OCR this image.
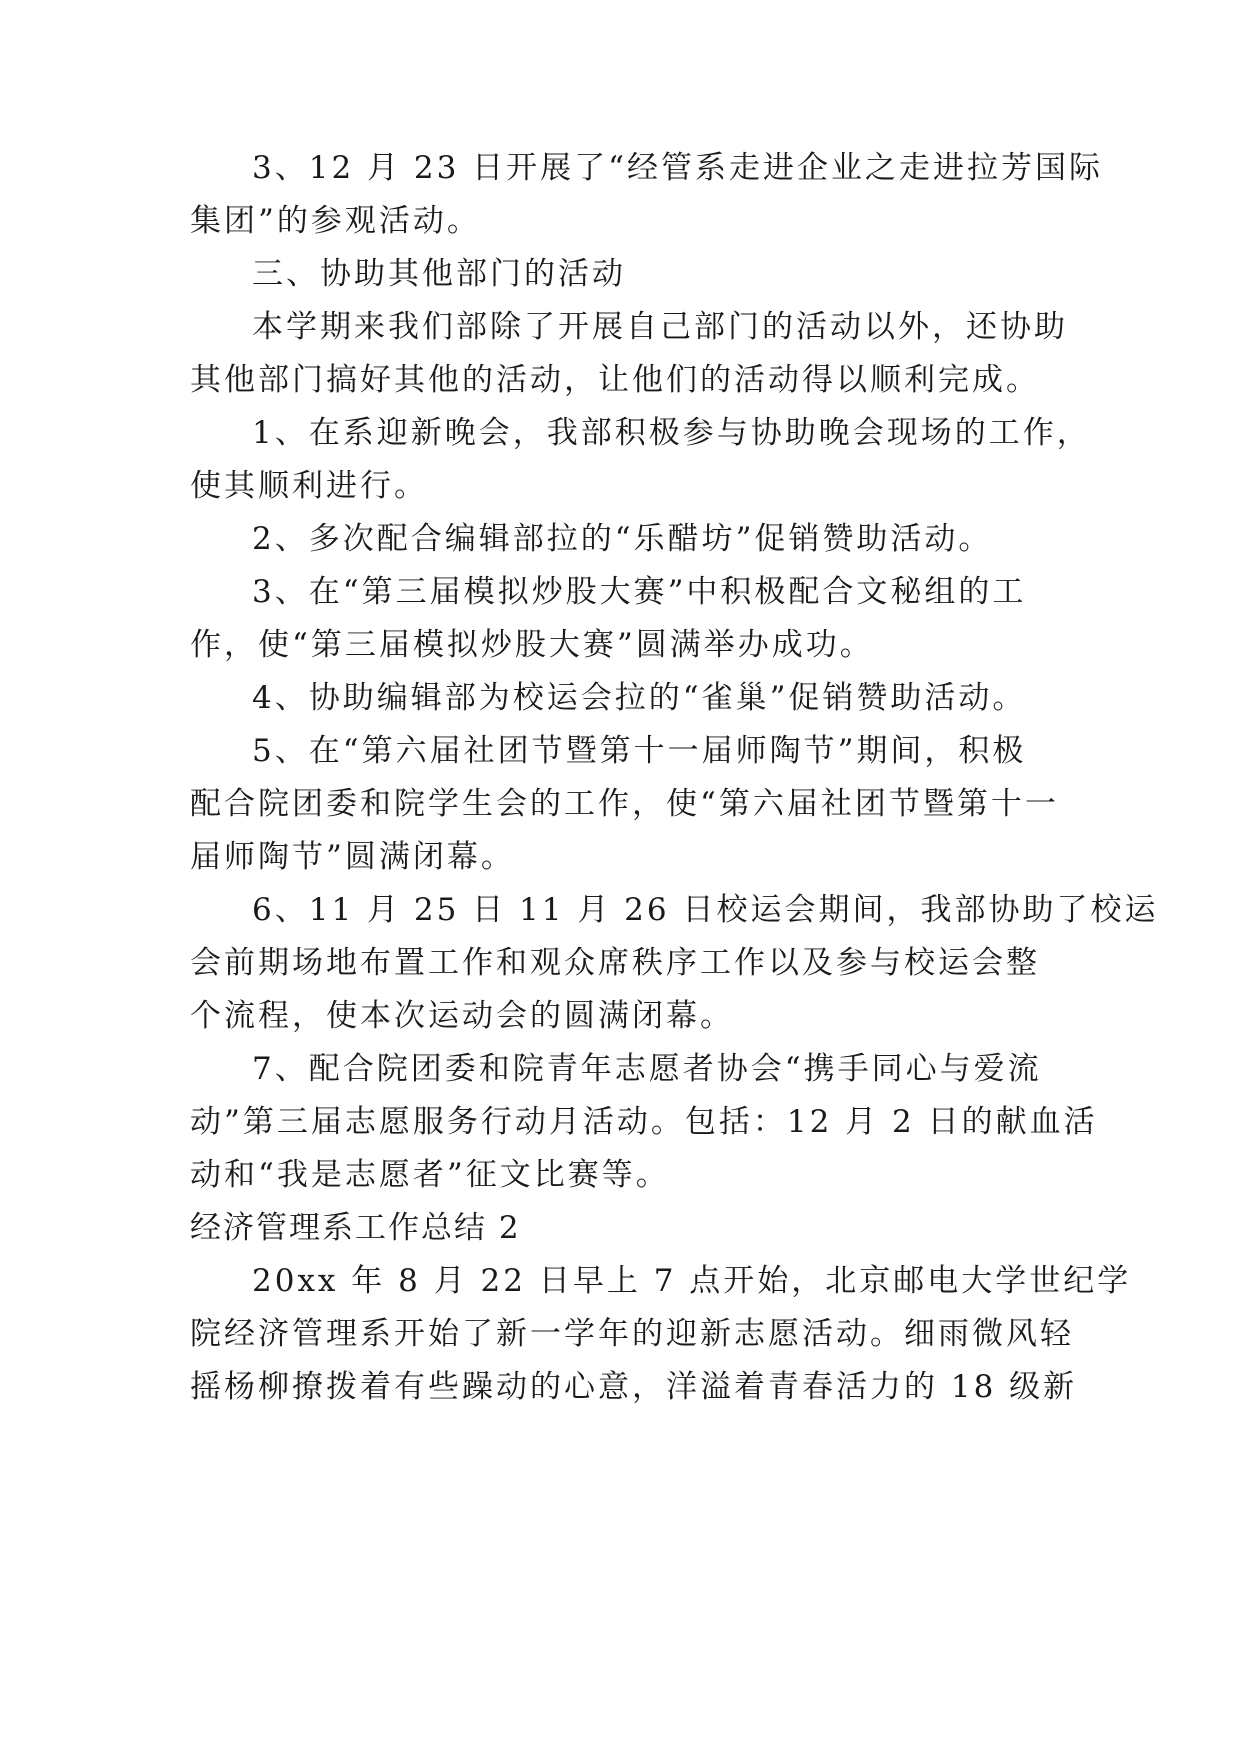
3、12 月 23 日开展了“经管系走进企业之走进拉芳国际
集团”的参观活动。
三、协助其他部门的活动
本学期来我们部除了开展自己部门的活动以外，还协助
其他部门搞好其他的活动，让他们的活动得以顺利完成。
1、在系迎新晚会，我部积极参与协助晚会现场的工作，
使其顺利进行。
2、多次配合编辑部拉的“乐醋坊”促销赞助活动。
3、在“第三届模拟炒股大赛”中积极配合文秘组的工
作，使“第三届模拟炒股大赛”圆满举办成功。
4、协助编辑部为校运会拉的“雀巢”促销赞助活动。
5、在“第六届社团节暨第十一届师陶节”期间，积极
配合院团委和院学生会的工作，使“第六届社团节暨第十一
届师陶节”圆满闭幕。
6、11 月 25 日 11 月 26 日校运会期间，我部协助了校运
会前期场地布置工作和观众席秩序工作以及参与校运会整
个流程，使本次运动会的圆满闭幕。
7、配合院团委和院青年志愿者协会“携手同心与爱流
动”第三届志愿服务行动月活动。包括：12 月 2 日的献血活
动和“我是志愿者”征文比赛等。
经济管理系工作总结 2
20xx 年 8 月 22 日早上 7 点开始，北京邮电大学世纪学
院经济管理系开始了新一学年的迎新志愿活动。细雨微风轻
摇杨柳撩拨着有些躁动的心意，洋溢着青春活力的 18 级新
